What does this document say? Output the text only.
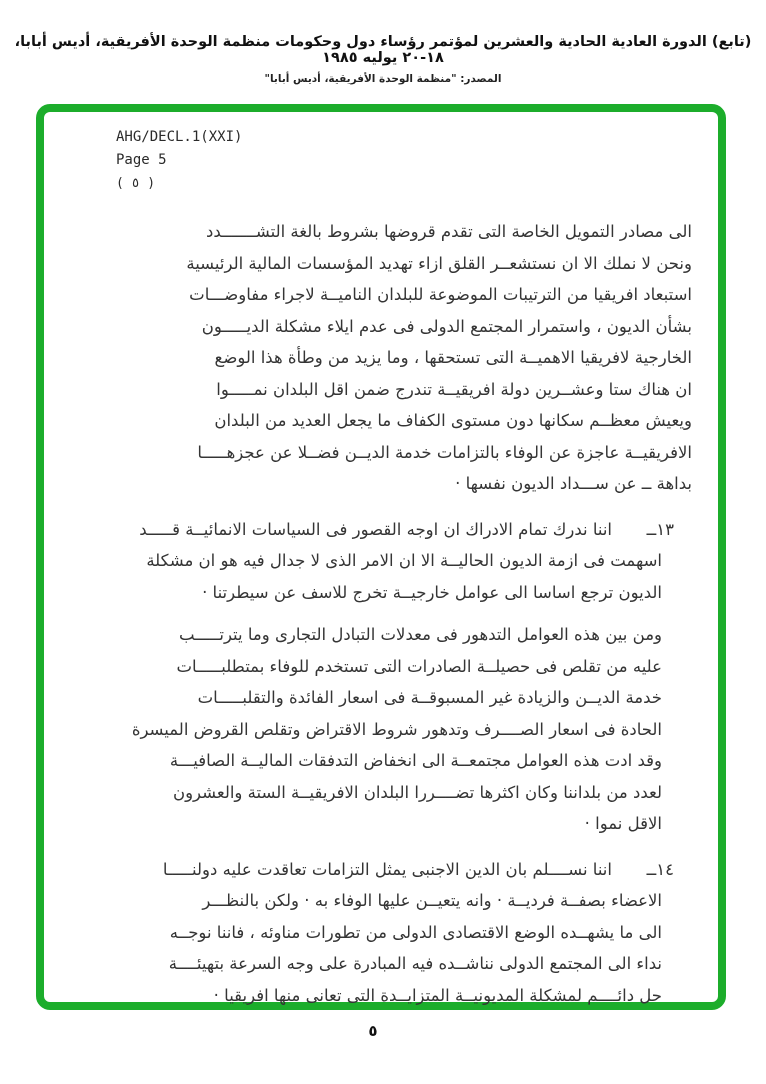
(تابع) الدورة العادية الحادية والعشرين لمؤتمر رؤساء دول وحكومات منظمة الوحدة الأفريقية، أديس أبابا، ١٨-٢٠ يوليه ١٩٨٥
المصدر: "منظمة الوحدة الأفريقية، أديس أبابا"
AHG/DECL.1(XXI)
Page 5
( ٥ )
الى مصادر التمويل الخاصة التى تقدم قروضها بشروط بالغة التشـــــــدد
ونحن لا نملك الا ان نستشعــر القلق ازاء تهديد المؤسسات المالية الرئيسية
استبعاد افريقيا من الترتيبات الموضوعة للبلدان الناميــة لاجراء مفاوضـــات
بشأن الديون ، واستمرار المجتمع الدولى فى عدم ايلاء مشكلة الديـــــون
الخارجية لافريقيا الاهميــة التى تستحقها ، وما يزيد من وطأة هذا الوضع
ان هناك ستا وعشــرين دولة افريقيــة تندرج ضمن اقل البلدان نمـــــوا
ويعيش معظــم سكانها دون مستوى الكفاف ما يجعل العديد من البلدان
الافريقيــة عاجزة عن الوفاء بالتزامات خدمة الديــن فضــلا عن عجزهـــــا
بداهة ــ عن ســـداد الديون نفسها ·
١٣ــ
اننا ندرك تمام الادراك ان اوجه القصور فى السياسات الانمائيــة قـــــد
اسهمت فى ازمة الديون الحاليــة الا ان الامر الذى لا جدال فيه هو ان مشكلة
الديون ترجع اساسا الى عوامل خارجيــة تخرج للاسف عن سيطرتنا ·
ومن بين هذه العوامل التدهور فى معدلات التبادل التجارى وما يترتـــــب
عليه من تقلص فى حصيلــة الصادرات التى تستخدم للوفاء بمتطلبـــــات
خدمة الديــن والزيادة غير المسبوقــة فى اسعار الفائدة والتقلبـــــات
الحادة فى اسعار الصــــرف وتدهور شروط الاقتراض وتقلص القروض الميسرة
وقد ادت هذه العوامل مجتمعــة الى انخفاض التدفقات الماليــة الصافيـــة
لعدد من بلداننا وكان اكثرها تضــــررا البلدان الافريقيــة الستة والعشرون
الاقل نموا ·
١٤ــ
اننا نســــلم بان الدين الاجنبى يمثل التزامات تعاقدت عليه دولنـــــا
الاعضاء بصفــة فرديــة · وانه يتعيــن عليها الوفاء به · ولكن بالنظـــر
الى ما يشهــده الوضع الاقتصادى الدولى من تطورات مناوئه ، فاننا نوجــه
نداء الى المجتمع الدولى نناشــده فيه المبادرة على وجه السرعة بتهيئــــة
حل دائــــم لمشكلة المديونيــة المتزايــدة التى تعانى منها افريقيا ·
٥
